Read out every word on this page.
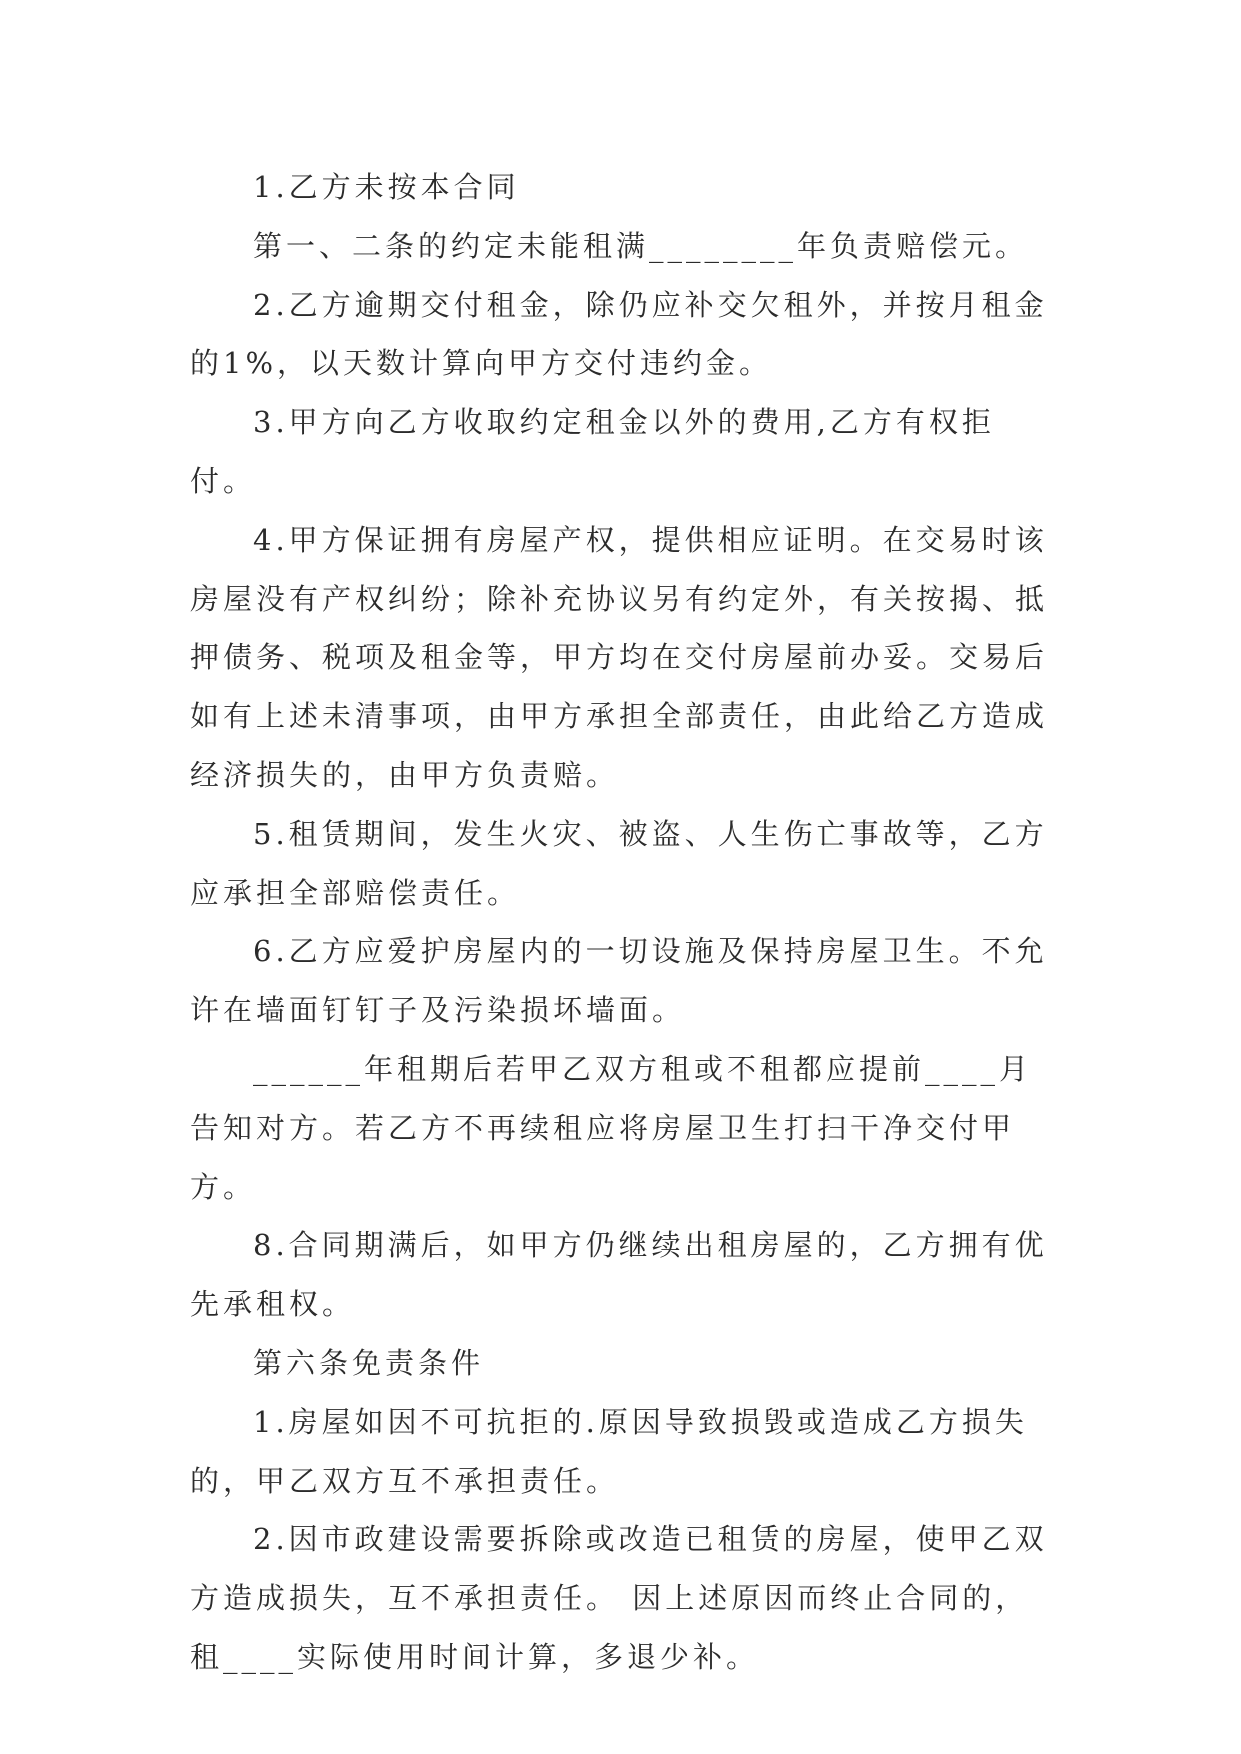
1.乙方未按本合同

第一、二条的约定未能租满________年负责赔偿元。

2.乙方逾期交付租金，除仍应补交欠租外，并按月租金的1%，以天数计算向甲方交付违约金。

3.甲方向乙方收取约定租金以外的费用,乙方有权拒付。

4.甲方保证拥有房屋产权，提供相应证明。在交易时该房屋没有产权纠纷；除补充协议另有约定外，有关按揭、抵押债务、税项及租金等，甲方均在交付房屋前办妥。交易后如有上述未清事项，由甲方承担全部责任，由此给乙方造成经济损失的，由甲方负责赔。

5.租赁期间，发生火灾、被盗、人生伤亡事故等，乙方应承担全部赔偿责任。

6.乙方应爱护房屋内的一切设施及保持房屋卫生。不允许在墙面钉钉子及污染损坏墙面。

______年租期后若甲乙双方租或不租都应提前____月告知对方。若乙方不再续租应将房屋卫生打扫干净交付甲方。

8.合同期满后，如甲方仍继续出租房屋的，乙方拥有优先承租权。

第六条免责条件

1.房屋如因不可抗拒的.原因导致损毁或造成乙方损失的，甲乙双方互不承担责任。

2.因市政建设需要拆除或改造已租赁的房屋，使甲乙双方造成损失，互不承担责任。 因上述原因而终止合同的，租____实际使用时间计算，多退少补。
